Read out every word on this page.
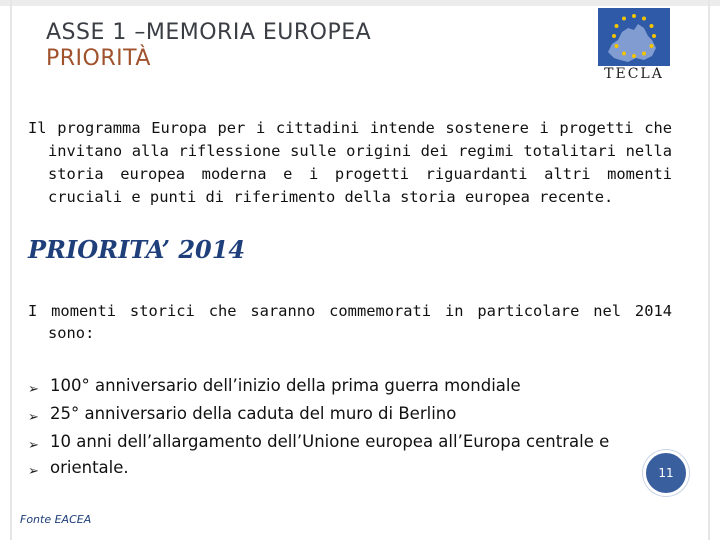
ASSE 1 –MEMORIA EUROPEA
PRIORITÀ
TECLA
Il programma Europa per i cittadini intende sostenere i progetti che invitano alla riflessione sulle origini dei regimi totalitari nella storia europea moderna e i progetti riguardanti altri momenti cruciali e punti di riferimento della storia europea recente.
PRIORITA’ 2014
I momenti storici che saranno commemorati in particolare nel 2014 sono:
➢ 100° anniversario dell’inizio della prima guerra mondiale
➢ 25° anniversario della caduta del muro di Berlino
➢ 10 anni dell’allargamento dell’Unione europea all’Europa centrale e
➢ orientale.	11
Fonte EACEA
